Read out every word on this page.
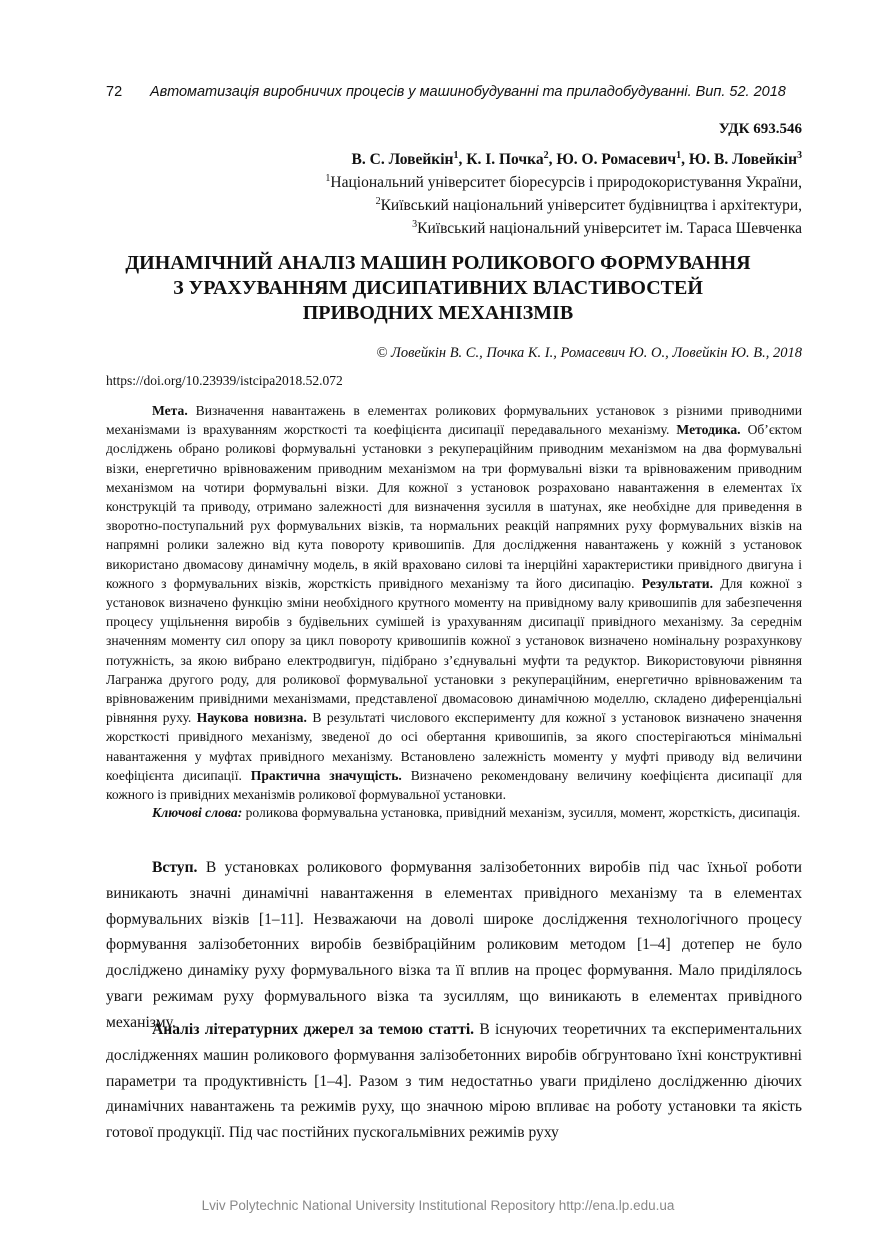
72 Автоматизація виробничих процесів у машинобудуванні та приладобудуванні. Вип. 52. 2018
УДК 693.546
В. С. Ловейкін$^1$, К. І. Почка$^2$, Ю. О. Ромасевич$^1$, Ю. В. Ловейкін$^3$
$^1$Національний університет біоресурсів і природокористування України,
$^2$Київський національний університет будівництва і архітектури,
$^3$Київський національний університет ім. Тараса Шевченка
ДИНАМІЧНИЙ АНАЛІЗ МАШИН РОЛИКОВОГО ФОРМУВАННЯ
З УРАХУВАННЯМ ДИСИПАТИВНИХ ВЛАСТИВОСТЕЙ
ПРИВОДНИХ МЕХАНІЗМІВ
© Ловейкін В. С., Почка К. І., Ромасевич Ю. О., Ловейкін Ю. В., 2018
https://doi.org/10.23939/istcipa2018.52.072
Мета. Визначення навантажень в елементах роликових формувальних установок з різними приводними механізмами із врахуванням жорсткості та коефіцієнта дисипації передавального механізму. Методика. Об’єктом досліджень обрано роликові формувальні установки з рекупераційним приводним механізмом на два формувальні візки, енергетично врівноваженим приводним механізмом на три формувальні візки та врівноваженим приводним механізмом на чотири формувальні візки. Для кожної з установок розраховано навантаження в елементах їх конструкцій та приводу, отримано залежності для визначення зусилля в шатунах, яке необхідне для приведення в зворотно-поступальний рух формувальних візків, та нормальних реакцій напрямних руху формувальних візків на напрямні ролики залежно від кута повороту кривошипів. Для дослідження навантажень у кожній з установок використано двомасову динамічну модель, в якій враховано силові та інерційні характеристики привідного двигуна і кожного з формувальних візків, жорсткість привідного механізму та його дисипацію. Результати. Для кожної з установок визначено функцію зміни необхідного крутного моменту на привідному валу кривошипів для забезпечення процесу ущільнення виробів з будівельних сумішей із урахуванням дисипації привідного механізму. За середнім значенням моменту сил опору за цикл повороту кривошипів кожної з установок визначено номінальну розрахункову потужність, за якою вибрано електродвигун, підібрано з’єднувальні муфти та редуктор. Використовуючи рівняння Лагранжа другого роду, для роликової формувальної установки з рекупераційним, енергетично врівноваженим та врівноваженим привідними механізмами, представленої двомасовою динамічною моделлю, складено диференціальні рівняння руху. Наукова новизна. В результаті числового експерименту для кожної з установок визначено значення жорсткості привідного механізму, зведеної до осі обертання кривошипів, за якого спостерігаються мінімальні навантаження у муфтах привідного механізму. Встановлено залежність моменту у муфті приводу від величини коефіцієнта дисипації. Практична значущість. Визначено рекомендовану величину коефіцієнта дисипації для кожного із привідних механізмів роликової формувальної установки.
Ключові слова: роликова формувальна установка, привідний механізм, зусилля, момент, жорсткість, дисипація.
Вступ. В установках роликового формування залізобетонних виробів під час їхньої роботи виникають значні динамічні навантаження в елементах привідного механізму та в елементах формувальних візків [1–11]. Незважаючи на доволі широке дослідження технологічного процесу формування залізобетонних виробів безвібраційним роликовим методом [1–4] дотепер не було досліджено динаміку руху формувального візка та її вплив на процес формування. Мало приділялось уваги режимам руху формувального візка та зусиллям, що виникають в елементах привідного механізму.
Аналіз літературних джерел за темою статті. В існуючих теоретичних та експериментальних дослідженнях машин роликового формування залізобетонних виробів обгрунтовано їхні конструктивні параметри та продуктивність [1–4]. Разом з тим недостатньо уваги приділено дослідженню діючих динамічних навантажень та режимів руху, що значною мірою впливає на роботу установки та якість готової продукції. Під час постійних пускогальмівних режимів руху
Lviv Polytechnic National University Institutional Repository http://ena.lp.edu.ua
